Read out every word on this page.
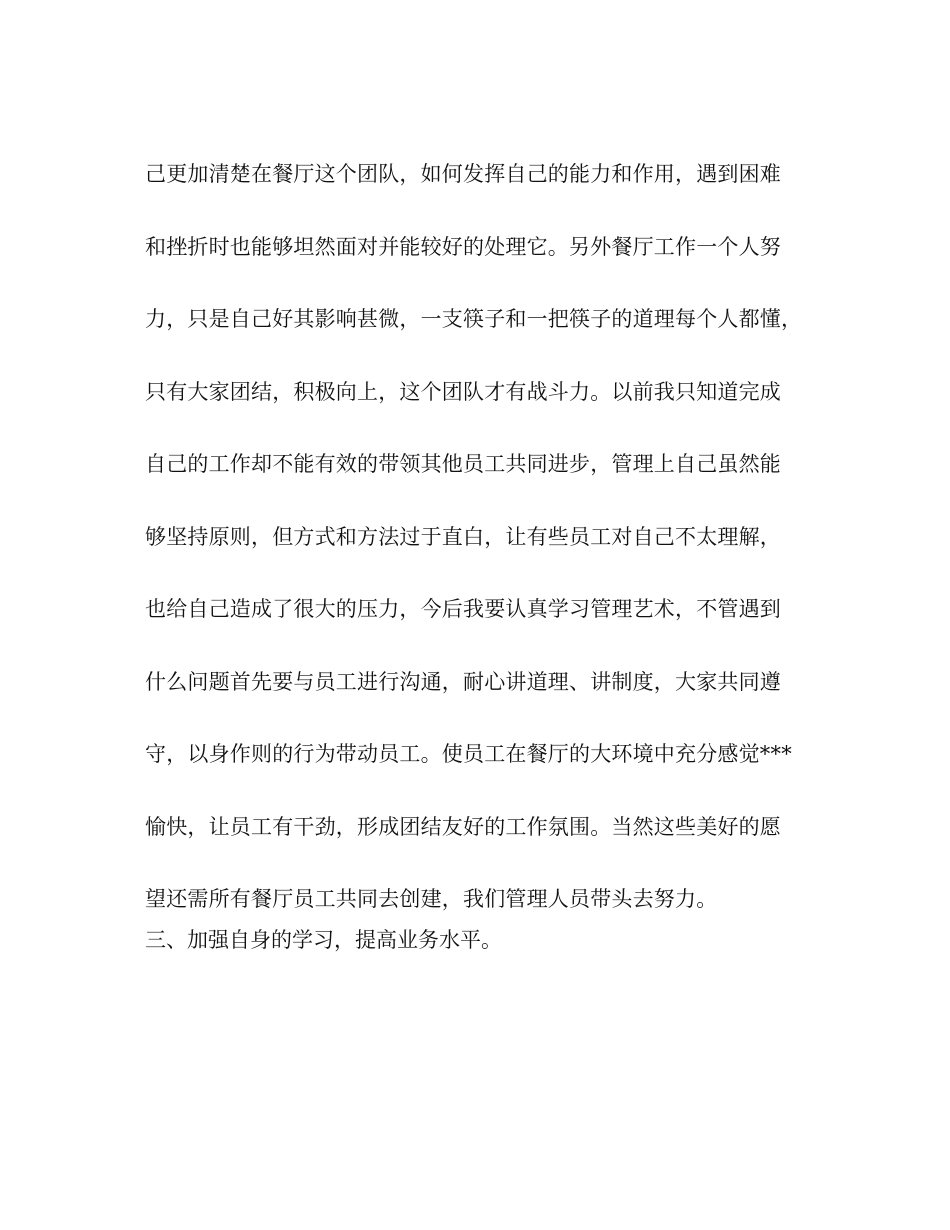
己更加清楚在餐厅这个团队，如何发挥自己的能力和作用，遇到困难
和挫折时也能够坦然面对并能较好的处理它。另外餐厅工作一个人努
力，只是自己好其影响甚微，一支筷子和一把筷子的道理每个人都懂，
只有大家团结，积极向上，这个团队才有战斗力。以前我只知道完成
自己的工作却不能有效的带领其他员工共同进步，管理上自己虽然能
够坚持原则，但方式和方法过于直白，让有些员工对自己不太理解，
也给自己造成了很大的压力，今后我要认真学习管理艺术，不管遇到
什么问题首先要与员工进行沟通，耐心讲道理、讲制度，大家共同遵
守，以身作则的行为带动员工。使员工在餐厅的大环境中充分感觉***
愉快，让员工有干劲，形成团结友好的工作氛围。当然这些美好的愿
望还需所有餐厅员工共同去创建，我们管理人员带头去努力。
三、加强自身的学习，提高业务水平。
